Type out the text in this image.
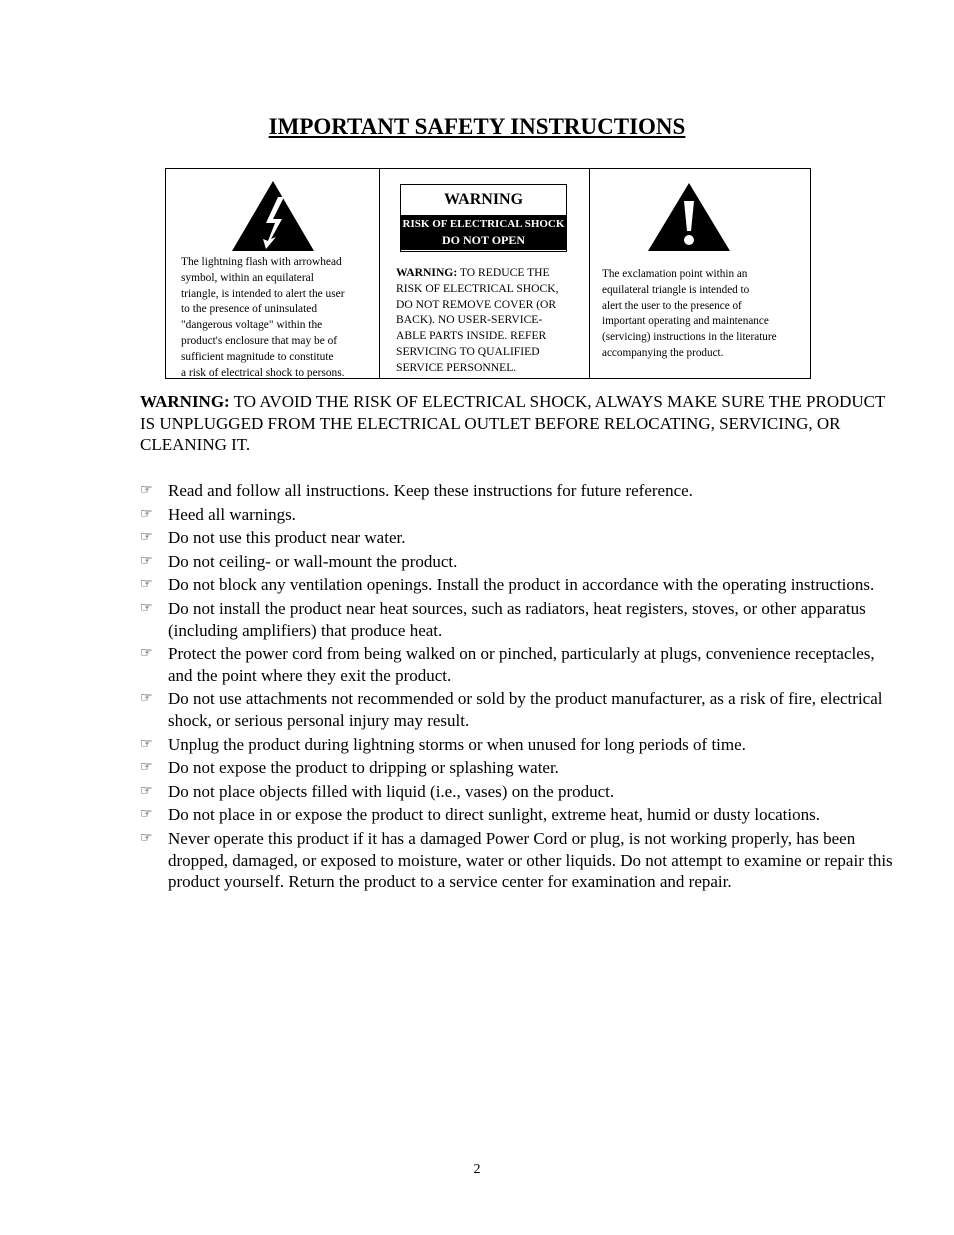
IMPORTANT SAFETY INSTRUCTIONS
The lightning flash with arrowhead
symbol, within an equilateral
triangle, is intended to alert the user
to the presence of uninsulated
"dangerous voltage" within the
product's enclosure that may be of
sufficient magnitude to constitute
a risk of electrical shock to persons.
WARNING
RISK OF ELECTRICAL SHOCK
DO NOT OPEN
WARNING: TO REDUCE THE
RISK OF ELECTRICAL SHOCK,
DO NOT REMOVE COVER (OR
BACK). NO USER-SERVICE-
ABLE PARTS INSIDE. REFER
SERVICING TO QUALIFIED
SERVICE PERSONNEL.
The exclamation point within an
equilateral triangle is intended to
alert the user to the presence of
important operating and maintenance
(servicing) instructions in the literature
accompanying the product.
WARNING: TO AVOID THE RISK OF ELECTRICAL SHOCK, ALWAYS MAKE SURE THE PRODUCT IS UNPLUGGED FROM THE ELECTRICAL OUTLET BEFORE RELOCATING, SERVICING, OR CLEANING IT.
☞ Read and follow all instructions. Keep these instructions for future reference.
☞ Heed all warnings.
☞ Do not use this product near water.
☞ Do not ceiling- or wall-mount the product.
☞ Do not block any ventilation openings. Install the product in accordance with the operating instructions.
☞ Do not install the product near heat sources, such as radiators, heat registers, stoves, or other apparatus (including amplifiers) that produce heat.
☞ Protect the power cord from being walked on or pinched, particularly at plugs, convenience receptacles, and the point where they exit the product.
☞ Do not use attachments not recommended or sold by the product manufacturer, as a risk of fire, electrical shock, or serious personal injury may result.
☞ Unplug the product during lightning storms or when unused for long periods of time.
☞ Do not expose the product to dripping or splashing water.
☞ Do not place objects filled with liquid (i.e., vases) on the product.
☞ Do not place in or expose the product to direct sunlight, extreme heat, humid or dusty locations.
☞ Never operate this product if it has a damaged Power Cord or plug, is not working properly, has been dropped, damaged, or exposed to moisture, water or other liquids. Do not attempt to examine or repair this product yourself. Return the product to a service center for examination and repair.
2
